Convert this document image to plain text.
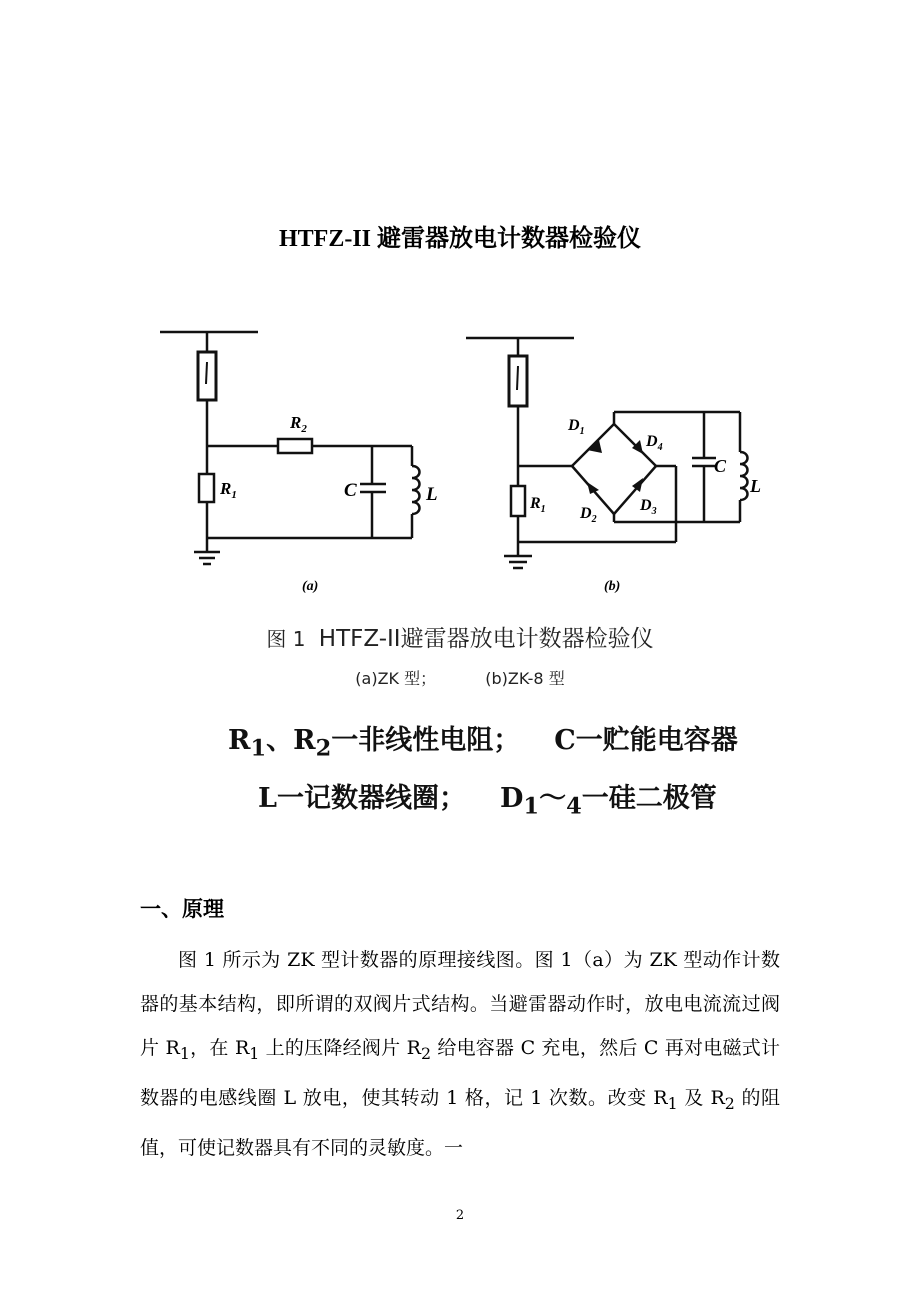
HTFZ-II 避雷器放电计数器检验仪
$R_2$
$R_1$	C	L
(a)
$D_1$
$D_4$
$D_2$
$D_3$
$R_1$
C
L
(b)
图 1 HTFZ-II避雷器放电计数器检验仪
(a)ZK 型；	(b)ZK-8 型
$R_1$、$R_2$一非线性电阻； C一贮能电容器
L一记数器线圈； $D_1\sim_4$一硅二极管
一、原理

图 1 所示为 ZK 型计数器的原理接线图。图 1（a）为 ZK 型动作计数器的基本结构，即所谓的双阀片式结构。当避雷器动作时，放电电流流过阀片 $R_1$，在 $R_1$ 上的压降经阀片 $R_2$ 给电容器 C 充电，然后 C 再对电磁式计数器的电感线圈 L 放电，使其转动 1 格，记 1 次数。改变 $R_1$ 及 $R_2$ 的阻值，可使记数器具有不同的灵敏度。一

2
